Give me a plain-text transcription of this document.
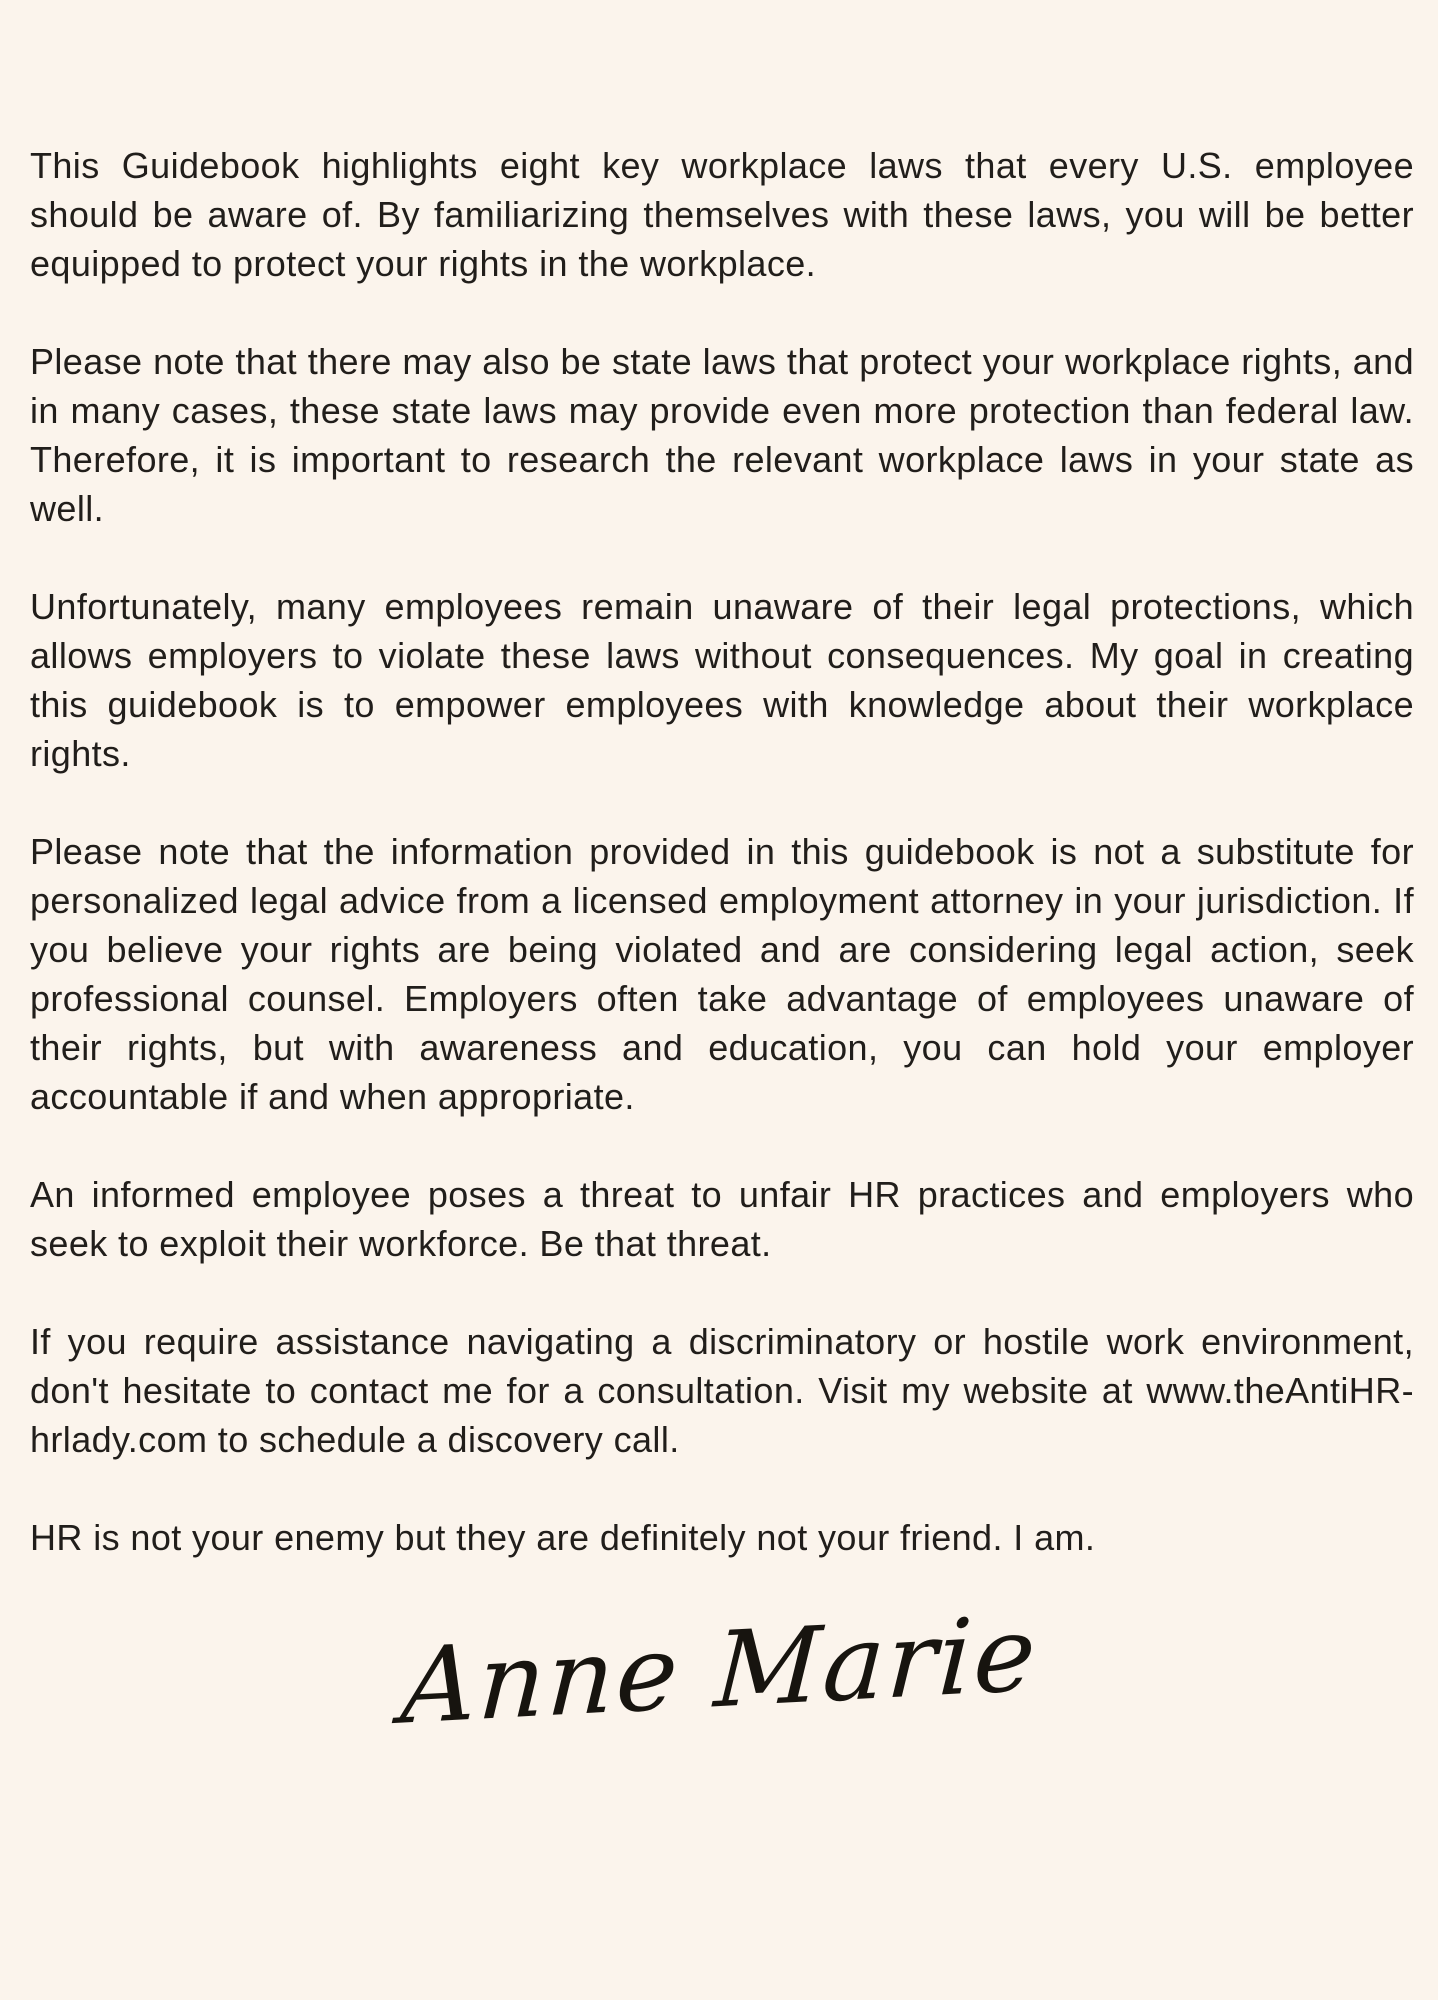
This Guidebook highlights eight key workplace laws that every U.S. employee should be aware of. By familiarizing themselves with these laws, you will be better equipped to protect your rights in the workplace.

Please note that there may also be state laws that protect your workplace rights, and in many cases, these state laws may provide even more protection than federal law. Therefore, it is important to research the relevant workplace laws in your state as well.

Unfortunately, many employees remain unaware of their legal protections, which allows employers to violate these laws without consequences. My goal in creating this guidebook is to empower employees with knowledge about their workplace rights.

Please note that the information provided in this guidebook is not a substitute for personalized legal advice from a licensed employment attorney in your jurisdiction. If you believe your rights are being violated and are considering legal action, seek professional counsel. Employers often take advantage of employees unaware of their rights, but with awareness and education, you can hold your employer accountable if and when appropriate.

An informed employee poses a threat to unfair HR practices and employers who seek to exploit their workforce. Be that threat.

If you require assistance navigating a discriminatory or hostile work environment, don't hesitate to contact me for a consultation. Visit my website at www.theAntiHR-hrlady.com to schedule a discovery call.

HR is not your enemy but they are definitely not your friend. I am.

Anne Marie
